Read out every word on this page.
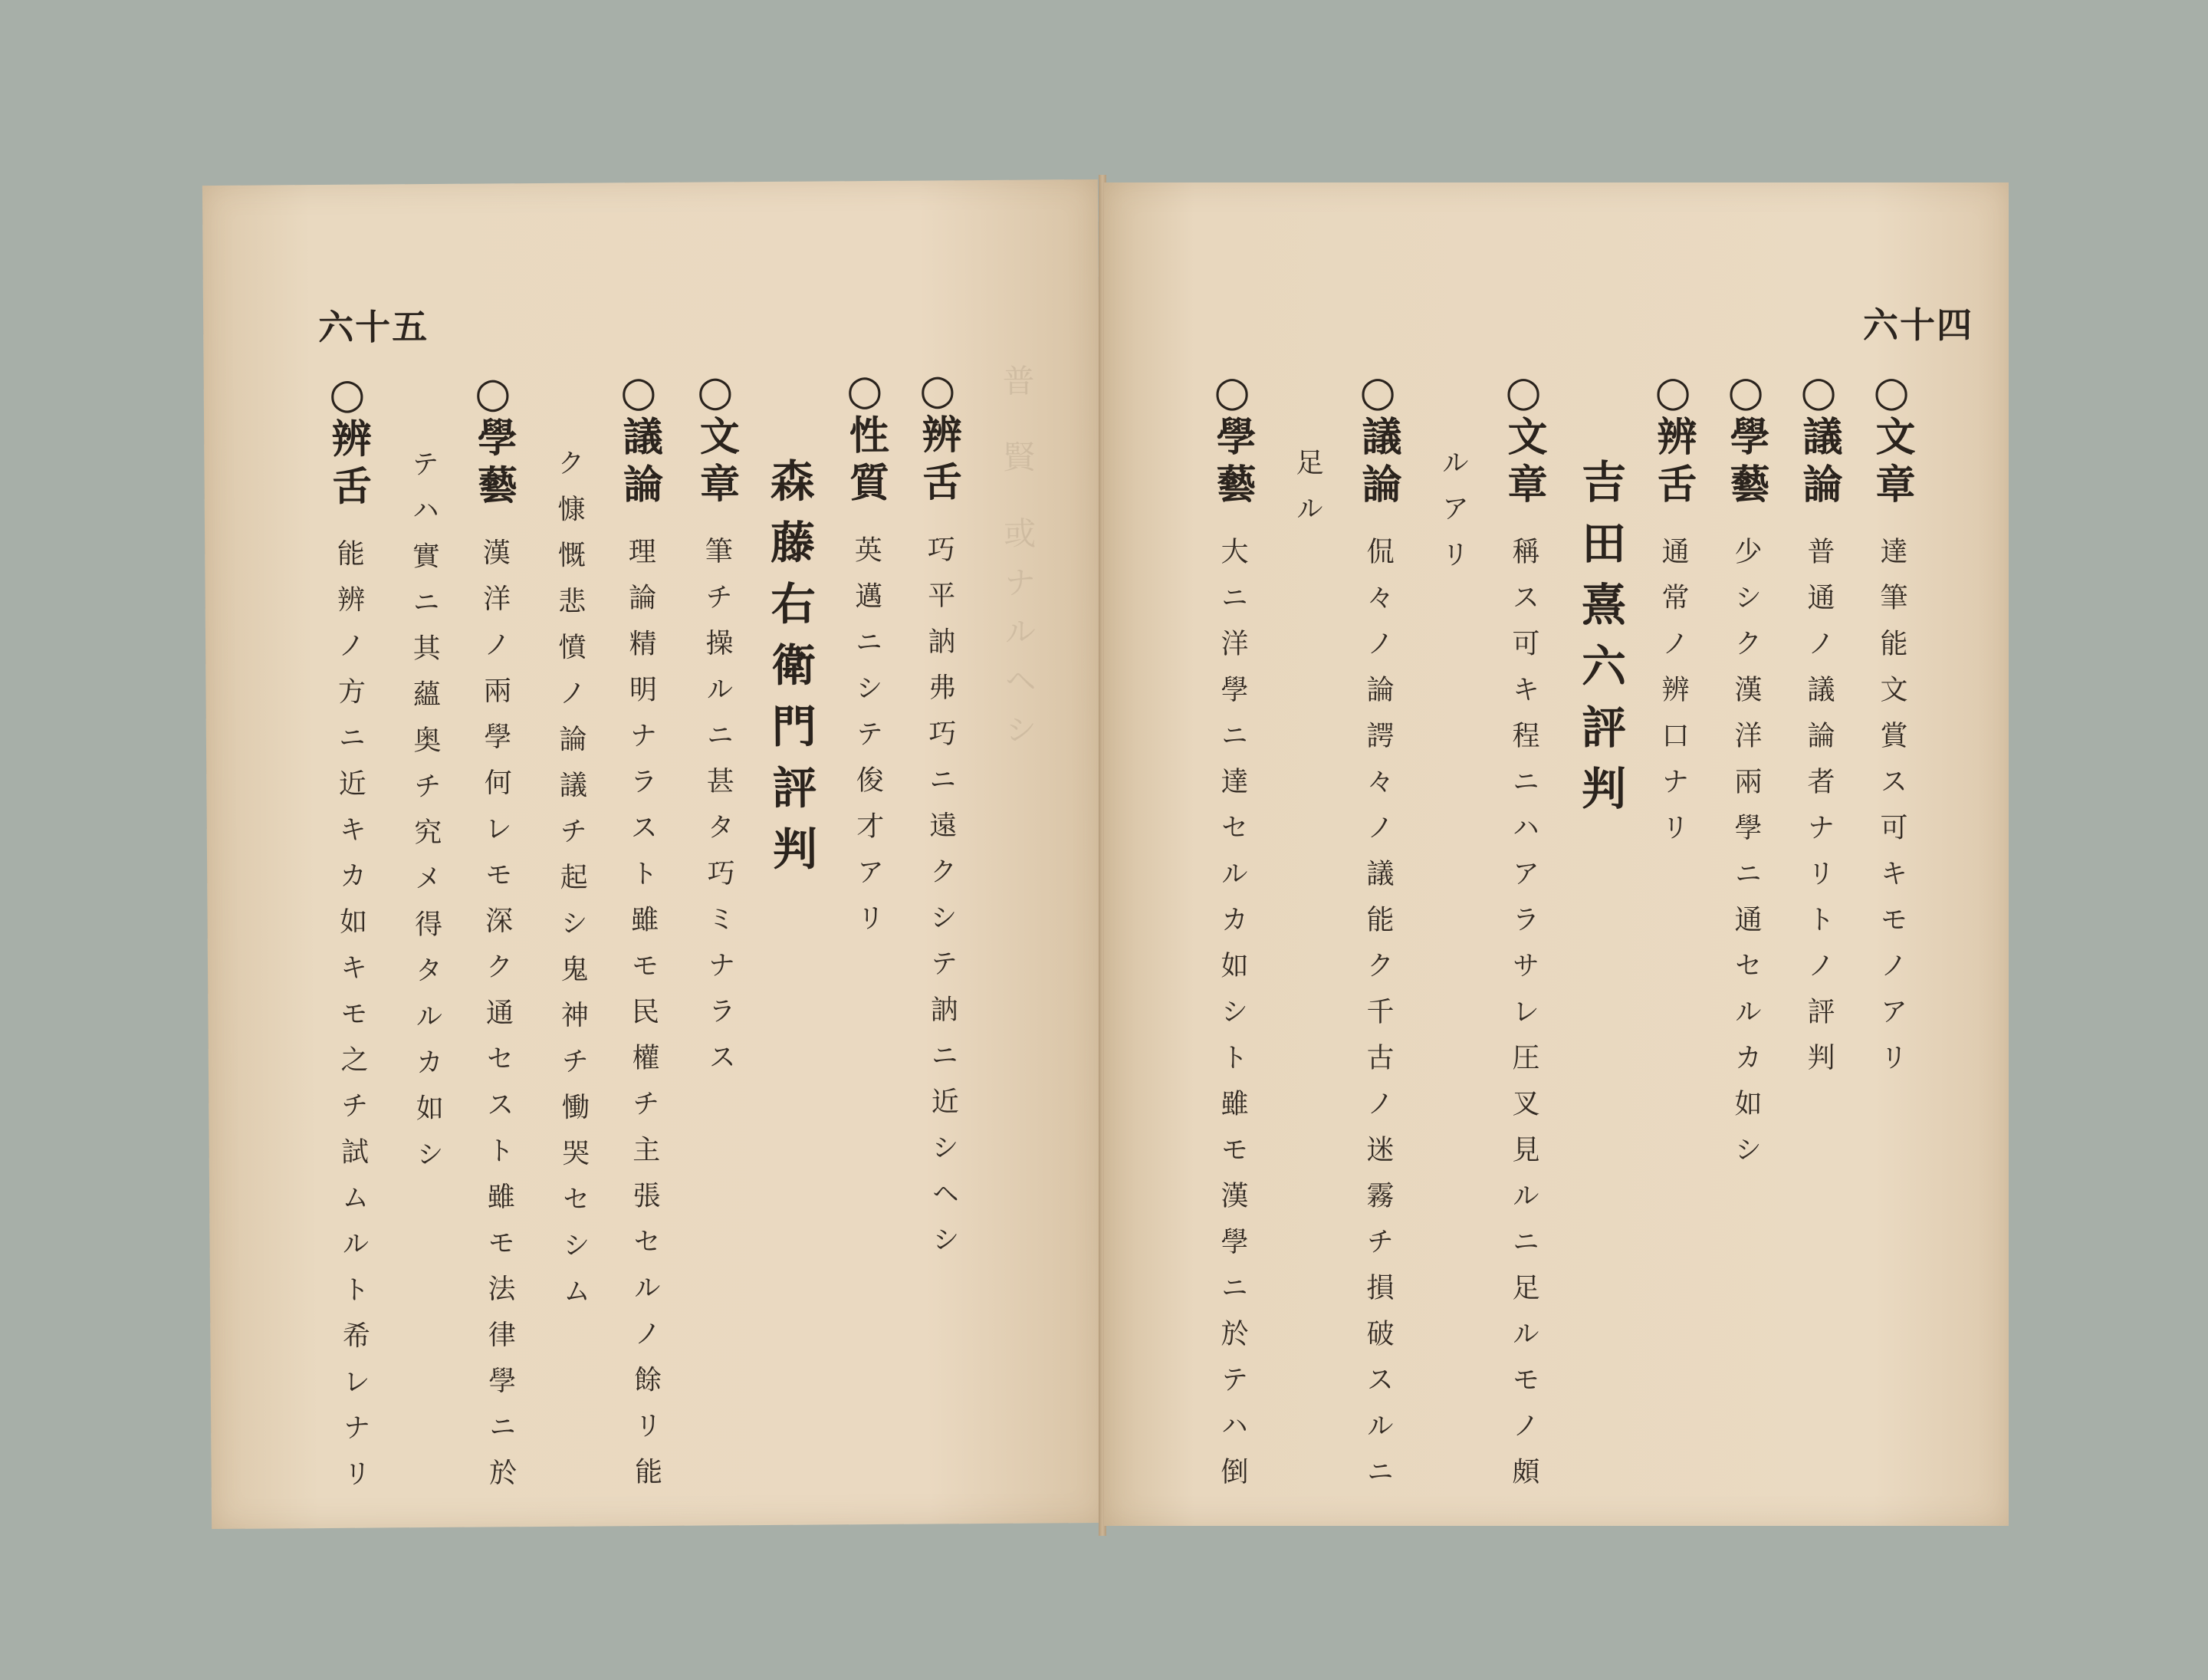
六十五
普 賢 或ナルヘシ
○辨舌巧平訥弗巧ニ遠クシテ訥ニ近シヘシ
○性質英邁ニシテ俊才アリ
森藤右衛門評判
○文章筆チ操ルニ甚タ巧ミナラス
○議論理論精明ナラスト雖モ民權チ主張セルノ餘リ能
ク慷慨悲憤ノ論議チ起シ鬼神チ慟哭セシム
○學藝漢洋ノ兩學何レモ深ク通セスト雖モ法律學ニ於
テハ實ニ其蘊奥チ究メ得タルカ如シ
○辨舌能辨ノ方ニ近キカ如キモ之チ試ムルト希レナリ
六十四
○文章達筆能文賞ス可キモノアリ
○議論普通ノ議論者ナリトノ評判
○學藝少シク漢洋兩學ニ通セルカ如シ
○辨舌通常ノ辨口ナリ
吉田熹六評判
○文章稱ス可キ程ニハアラサレ圧叉見ルニ足ルモノ頗
ルアリ
○議論侃々ノ論諤々ノ議能ク千古ノ迷霧チ損破スルニ
足ル
○學藝大ニ洋學ニ達セルカ如シト雖モ漢學ニ於テハ倒
